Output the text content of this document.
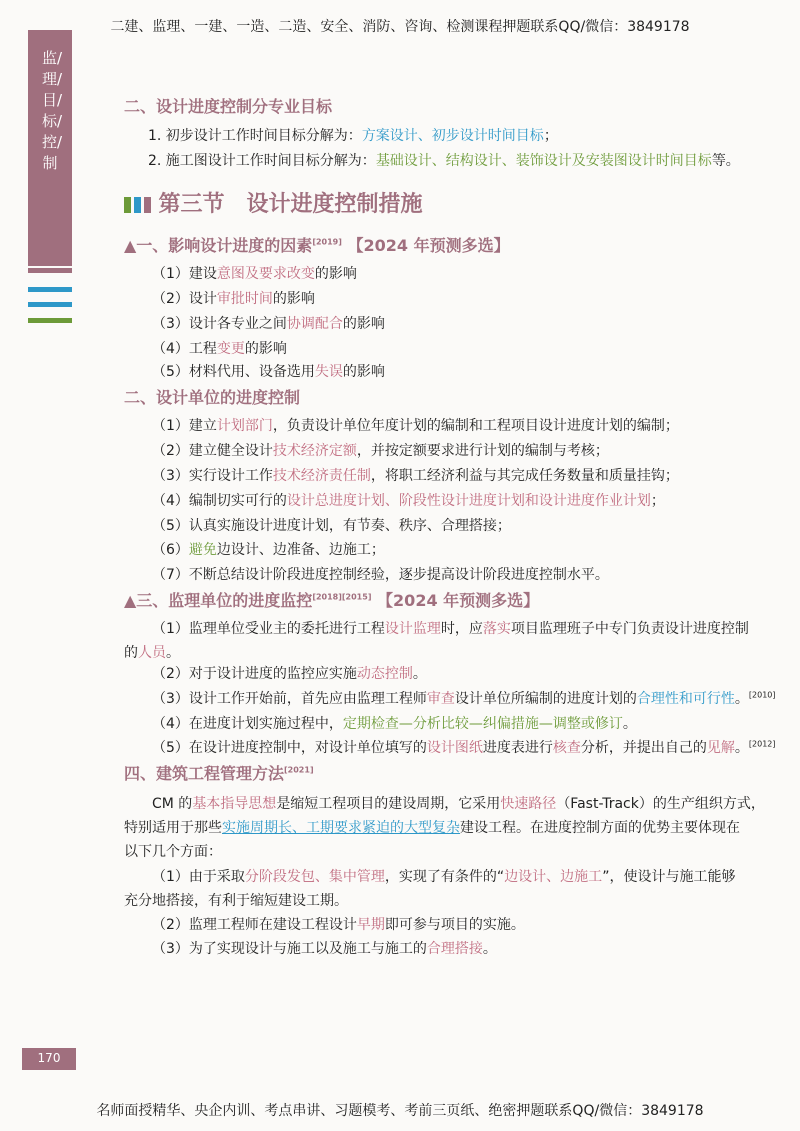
二建、监理、一建、一造、二造、安全、消防、咨询、检测课程押题联系QQ/微信：3849178
监/理/目/标/控/制
二、设计进度控制分专业目标
1. 初步设计工作时间目标分解为：方案设计、初步设计时间目标；
2. 施工图设计工作时间目标分解为：基础设计、结构设计、装饰设计及安装图设计时间目标等。
第三节　设计进度控制措施
▲一、影响设计进度的因素[2019] 【2024 年预测多选】
（1）建设意图及要求改变的影响
（2）设计审批时间的影响
（3）设计各专业之间协调配合的影响
（4）工程变更的影响
（5）材料代用、设备选用失误的影响
二、设计单位的进度控制
（1）建立计划部门，负责设计单位年度计划的编制和工程项目设计进度计划的编制；
（2）建立健全设计技术经济定额，并按定额要求进行计划的编制与考核；
（3）实行设计工作技术经济责任制，将职工经济利益与其完成任务数量和质量挂钩；
（4）编制切实可行的设计总进度计划、阶段性设计进度计划和设计进度作业计划；
（5）认真实施设计进度计划，有节奏、秩序、合理搭接；
（6）避免边设计、边准备、边施工；
（7）不断总结设计阶段进度控制经验，逐步提高设计阶段进度控制水平。
▲三、监理单位的进度监控[2018][2015] 【2024 年预测多选】
（1）监理单位受业主的委托进行工程设计监理时，应落实项目监理班子中专门负责设计进度控制
的人员。
（2）对于设计进度的监控应实施动态控制。
（3）设计工作开始前，首先应由监理工程师审查设计单位所编制的进度计划的合理性和可行性。[2010]
（4）在进度计划实施过程中，定期检查—分析比较—纠偏措施—调整或修订。
（5）在设计进度控制中，对设计单位填写的设计图纸进度表进行核查分析，并提出自己的见解。[2012]
四、建筑工程管理方法[2021]
CM 的基本指导思想是缩短工程项目的建设周期，它采用快速路径（Fast-Track）的生产组织方式，
特别适用于那些实施周期长、工期要求紧迫的大型复杂建设工程。在进度控制方面的优势主要体现在
以下几个方面：
（1）由于采取分阶段发包、集中管理，实现了有条件的“边设计、边施工”，使设计与施工能够
充分地搭接，有利于缩短建设工期。
（2）监理工程师在建设工程设计早期即可参与项目的实施。
（3）为了实现设计与施工以及施工与施工的合理搭接。
170
名师面授精华、央企内训、考点串讲、习题模考、考前三页纸、绝密押题联系QQ/微信：3849178
